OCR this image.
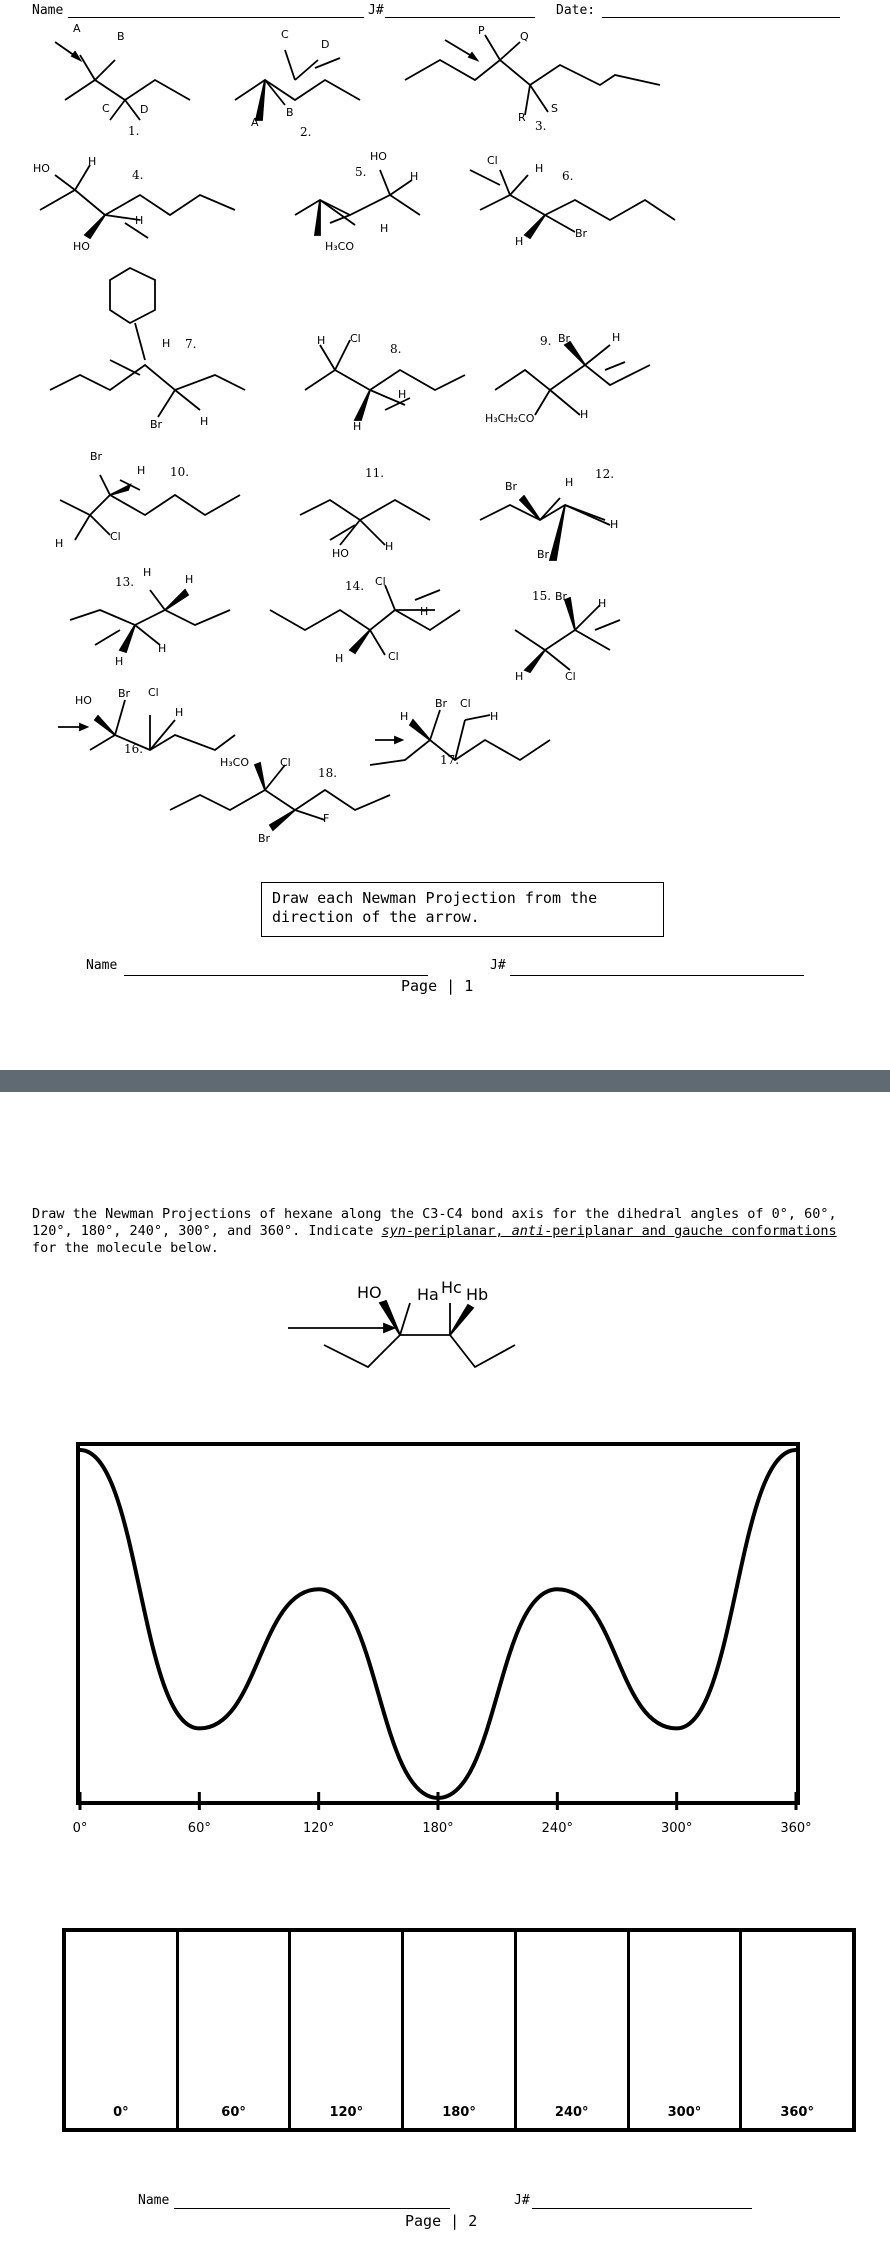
Name	J#	Date:
A
B
C	D
1.
C
D
A
B
2.
P	Q
R
S
3.
HO
H
HO
H
4.
HO
H
H₃CO
H
5.
Cl
H
H
Br
6.
H
Br	H
7.	H Cl
H
H
8.
Br	H
H₃CH₂CO	H
9.
Br
H
H
Cl
10.
HO
H
11.
Br	H
Br
H
12.
H
H
H
H
13.	Cl
H
H	Cl
14.
Br
H
H	Cl
15.
HO
Br Cl
H
16.
H
Br Cl
H
17.
H₃CO	Cl
Br
F
18.
Draw each Newman Projection from the direction of the arrow.
Name	J#
Page | 1
Draw the Newman Projections of hexane along the C3-C4 bond axis for the dihedral angles of 0°, 60°, 120°, 180°, 240°, 300°, and 360°. Indicate syn-periplanar, anti-periplanar and gauche conformations for the molecule below.
HO Ha Hc Hb
0°	60°	120°	180°	240°	300°	360°
0°	60°	120°	180°	240°	300°	360°
Name	J#
Page | 2
